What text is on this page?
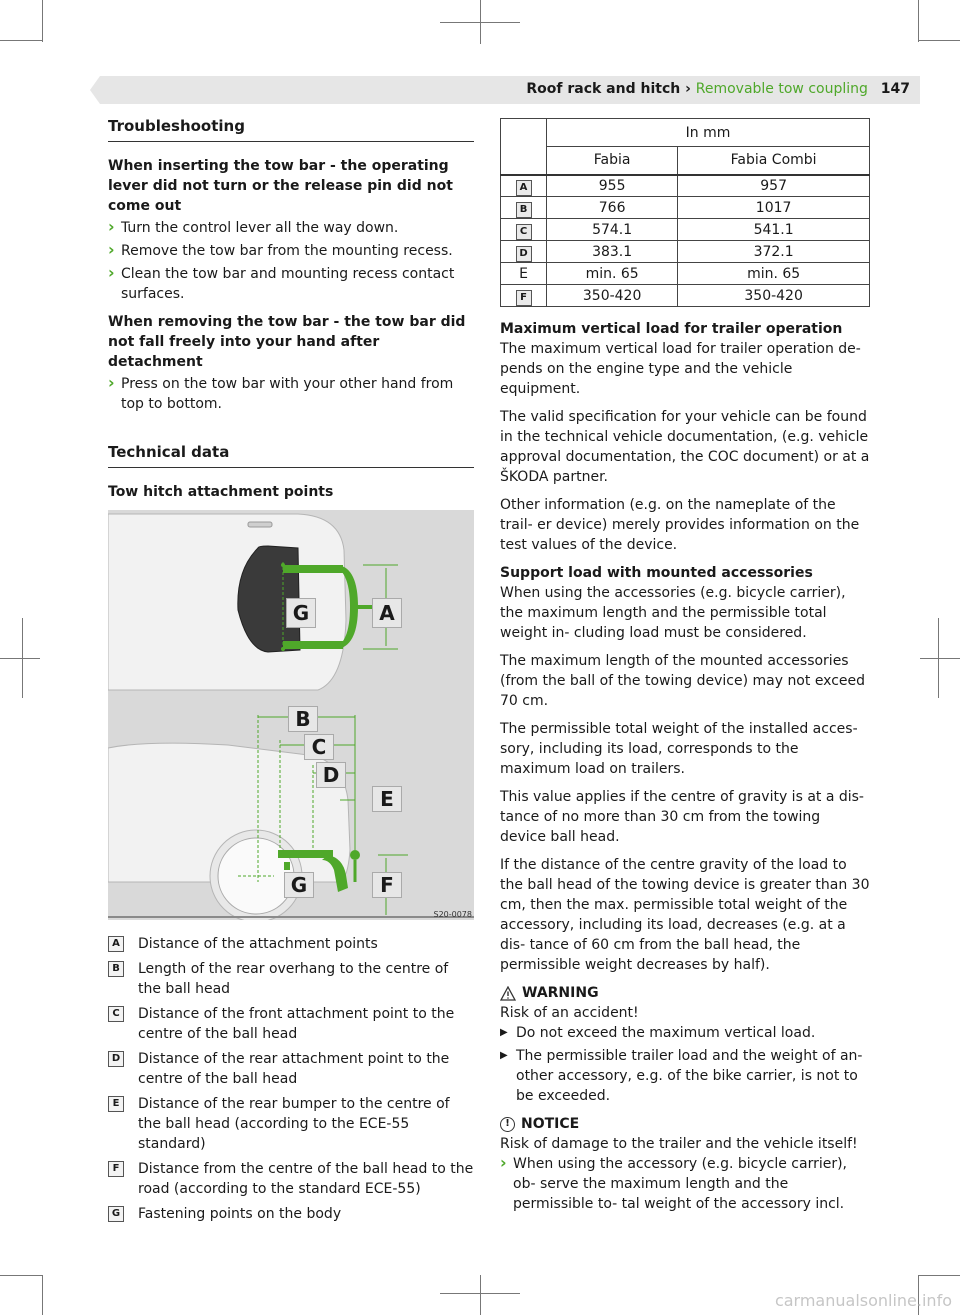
Roof rack and hitch › Removable tow coupling 147
Troubleshooting
When inserting the tow bar - the operating lever did not turn or the release pin did not come out
› Turn the control lever all the way down.
› Remove the tow bar from the mounting recess.
› Clean the tow bar and mounting recess contact surfaces.
When removing the tow bar - the tow bar did not fall freely into your hand after detachment
› Press on the tow bar with your other hand from top to bottom.
Technical data
Tow hitch attachment points
A
G
B
C
D
E
F
G
S20-0078
A Distance of the attachment points
B Length of the rear overhang to the centre of the ball head
C	Distance of the front attachment point to the centre of the ball head
D Distance of the rear attachment point to the centre of the ball head
E	Distance of the rear bumper to the centre of the ball head (according to the ECE-55 standard)
F	Distance from the centre of the ball head to the road (according to the standard ECE-55)
G Fastening points on the body
	In mm	
	Fabia	Fabia Combi
A	955	957
B	766	1017
C	574.1	541.1
D	383.1	372.1
E	min. 65	min. 65
F	350-420	350-420
Maximum vertical load for trailer operation
The maximum vertical load for trailer operation de- pends on the engine type and the vehicle equipment.
The valid specification for your vehicle can be found in the technical vehicle documentation, (e.g. vehicle approval documentation, the COC document) or at a ŠKODA partner.
Other information (e.g. on the nameplate of the trail- er device) merely provides information on the test values of the device.
Support load with mounted accessories
When using the accessories (e.g. bicycle carrier), the maximum length and the permissible total weight in- cluding load must be considered.
The maximum length of the mounted accessories (from the ball of the towing device) may not exceed 70 cm.
The permissible total weight of the installed acces- sory, including its load, corresponds to the maximum load on trailers.
This value applies if the centre of gravity is at a dis- tance of no more than 30 cm from the towing device ball head.
If the distance of the centre gravity of the load to the ball head of the towing device is greater than 30 cm, then the max. permissible total weight of the accessory, including its load, decreases (e.g. at a dis- tance of 60 cm from the ball head, the permissible weight decreases by half).
WARNING
Risk of an accident!
▶ Do not exceed the maximum vertical load.
▶ The permissible trailer load and the weight of an- other accessory, e.g. of the bike carrier, is not to be exceeded.
! NOTICE
Risk of damage to the trailer and the vehicle itself!
› When using the accessory (e.g. bicycle carrier), ob- serve the maximum length and the permissible to- tal weight of the accessory incl.
carmanualsonline.info
